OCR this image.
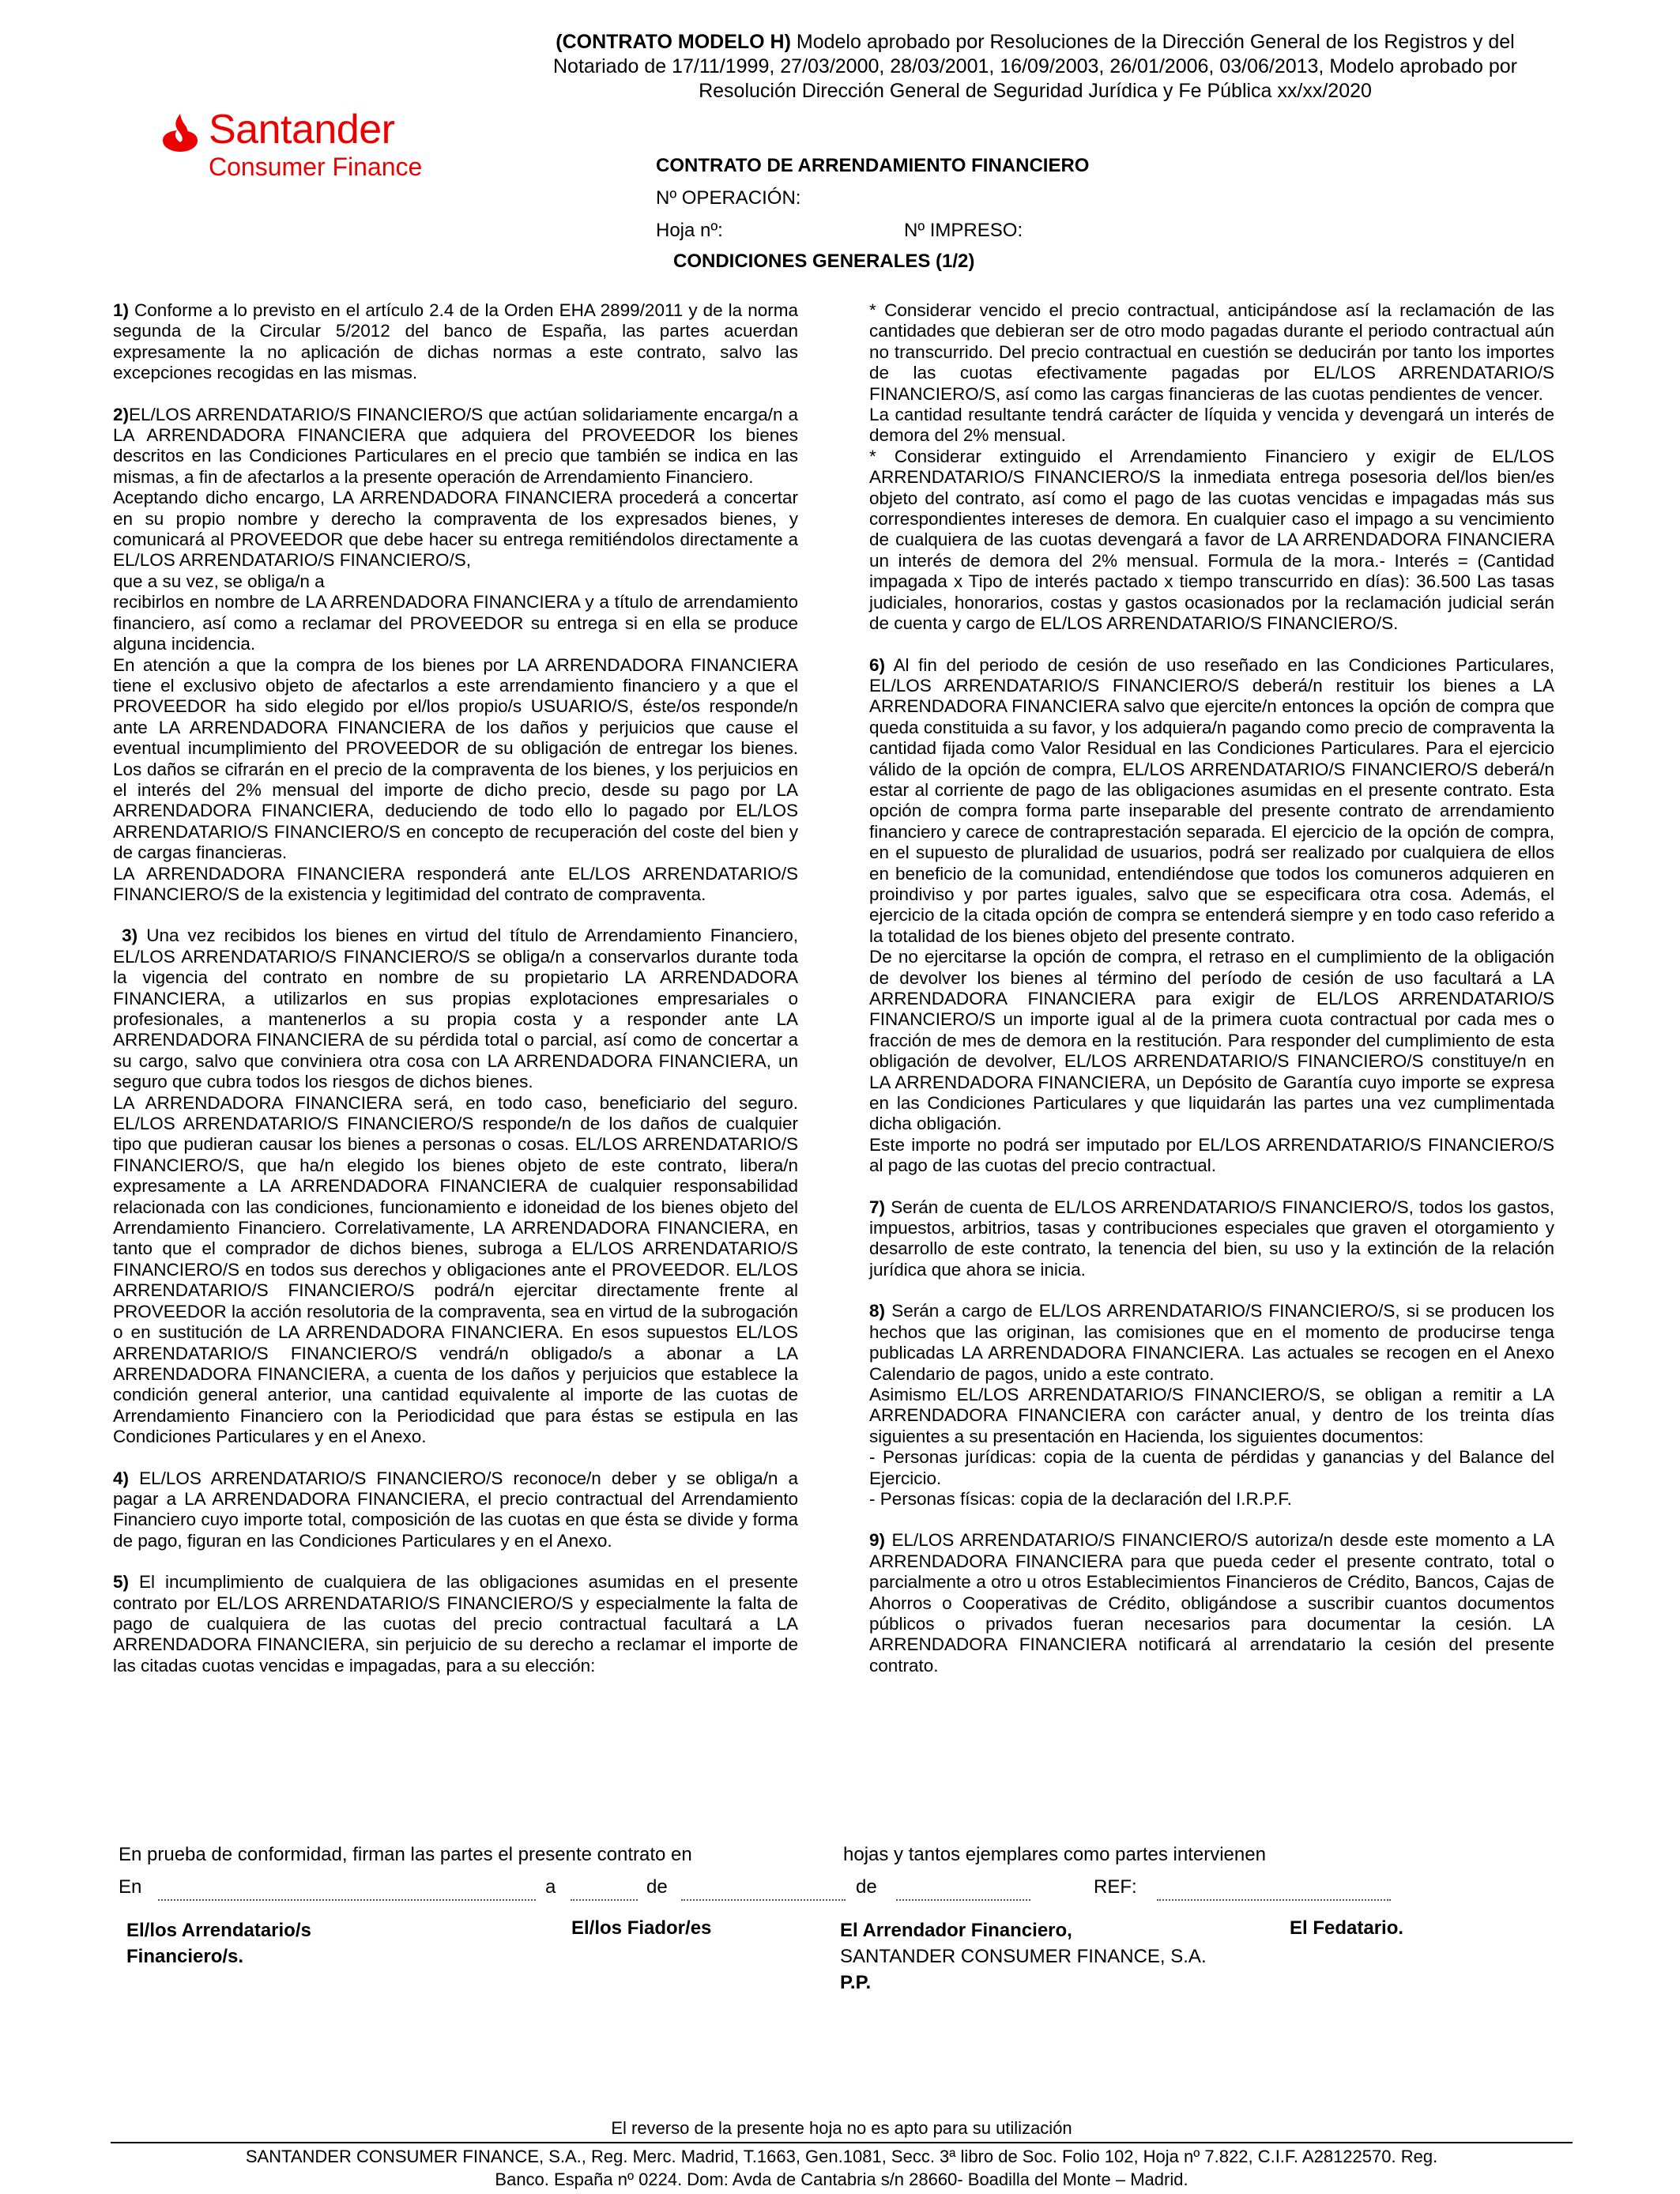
(CONTRATO MODELO H) Modelo aprobado por Resoluciones de la Dirección General de los Registros y del
Notariado de 17/11/1999, 27/03/2000, 28/03/2001, 16/09/2003, 26/01/2006, 03/06/2013, Modelo aprobado por
Resolución Dirección General de Seguridad Jurídica y Fe Pública xx/xx/2020
Santander
Consumer Finance	CONTRATO DE ARRENDAMIENTO FINANCIERO
Nº OPERACIÓN:
Hoja nº:	Nº IMPRESO:
CONDICIONES GENERALES (1/2)

1) Conforme a lo previsto en el artículo 2.4 de la Orden EHA 2899/2011 y de la norma segunda de la Circular 5/2012 del banco de España, las partes acuerdan expresamente la no aplicación de dichas normas a este contrato, salvo las excepciones recogidas en las mismas.

2)EL/LOS ARRENDATARIO/S FINANCIERO/S que actúan solidariamente encarga/n a LA ARRENDADORA FINANCIERA que adquiera del PROVEEDOR los bienes descritos en las Condiciones Particulares en el precio que también se indica en las mismas, a fin de afectarlos a la presente operación de Arrendamiento Financiero.

Aceptando dicho encargo, LA ARRENDADORA FINANCIERA procederá a concertar en su propio nombre y derecho la compraventa de los expresados bienes, y comunicará al PROVEEDOR que debe hacer su entrega remitiéndolos directamente a EL/LOS ARRENDATARIO/S FINANCIERO/S,

que a su vez, se obliga/n a

recibirlos en nombre de LA ARRENDADORA FINANCIERA y a título de arrendamiento financiero, así como a reclamar del PROVEEDOR su entrega si en ella se produce alguna incidencia.

En atención a que la compra de los bienes por LA ARRENDADORA FINANCIERA tiene el exclusivo objeto de afectarlos a este arrendamiento financiero y a que el PROVEEDOR ha sido elegido por el/los propio/s USUARIO/S, éste/os responde/n ante LA ARRENDADORA FINANCIERA de los daños y perjuicios que cause el eventual incumplimiento del PROVEEDOR de su obligación de entregar los bienes. Los daños se cifrarán en el precio de la compraventa de los bienes, y los perjuicios en el interés del 2% mensual del importe de dicho precio, desde su pago por LA ARRENDADORA FINANCIERA, deduciendo de todo ello lo pagado por EL/LOS ARRENDATARIO/S FINANCIERO/S en concepto de recuperación del coste del bien y de cargas financieras.

LA ARRENDADORA FINANCIERA responderá ante EL/LOS ARRENDATARIO/S FINANCIERO/S de la existencia y legitimidad del contrato de compraventa.

3) Una vez recibidos los bienes en virtud del título de Arrendamiento Financiero, EL/LOS ARRENDATARIO/S FINANCIERO/S se obliga/n a conservarlos durante toda la vigencia del contrato en nombre de su propietario LA ARRENDADORA FINANCIERA, a utilizarlos en sus propias explotaciones empresariales o profesionales, a mantenerlos a su propia costa y a responder ante LA ARRENDADORA FINANCIERA de su pérdida total o parcial, así como de concertar a su cargo, salvo que conviniera otra cosa con LA ARRENDADORA FINANCIERA, un seguro que cubra todos los riesgos de dichos bienes.

LA ARRENDADORA FINANCIERA será, en todo caso, beneficiario del seguro. EL/LOS ARRENDATARIO/S FINANCIERO/S responde/n de los daños de cualquier tipo que pudieran causar los bienes a personas o cosas. EL/LOS ARRENDATARIO/S FINANCIERO/S, que ha/n elegido los bienes objeto de este contrato, libera/n expresamente a LA ARRENDADORA FINANCIERA de cualquier responsabilidad relacionada con las condiciones, funcionamiento e idoneidad de los bienes objeto del Arrendamiento Financiero. Correlativamente, LA ARRENDADORA FINANCIERA, en tanto que el comprador de dichos bienes, subroga a EL/LOS ARRENDATARIO/S FINANCIERO/S en todos sus derechos y obligaciones ante el PROVEEDOR. EL/LOS ARRENDATARIO/S FINANCIERO/S podrá/n ejercitar directamente frente al PROVEEDOR la acción resolutoria de la compraventa, sea en virtud de la subrogación o en sustitución de LA ARRENDADORA FINANCIERA. En esos supuestos EL/LOS ARRENDATARIO/S FINANCIERO/S vendrá/n obligado/s a abonar a LA ARRENDADORA FINANCIERA, a cuenta de los daños y perjuicios que establece la condición general anterior, una cantidad equivalente al importe de las cuotas de Arrendamiento Financiero con la Periodicidad que para éstas se estipula en las Condiciones Particulares y en el Anexo.

4) EL/LOS ARRENDATARIO/S FINANCIERO/S reconoce/n deber y se obliga/n a pagar a LA ARRENDADORA FINANCIERA, el precio contractual del Arrendamiento Financiero cuyo importe total, composición de las cuotas en que ésta se divide y forma de pago, figuran en las Condiciones Particulares y en el Anexo.

5) El incumplimiento de cualquiera de las obligaciones asumidas en el presente contrato por EL/LOS ARRENDATARIO/S FINANCIERO/S y especialmente la falta de pago de cualquiera de las cuotas del precio contractual facultará a LA ARRENDADORA FINANCIERA, sin perjuicio de su derecho a reclamar el importe de las citadas cuotas vencidas e impagadas, para a su elección:

* Considerar vencido el precio contractual, anticipándose así la reclamación de las cantidades que debieran ser de otro modo pagadas durante el periodo contractual aún no transcurrido. Del precio contractual en cuestión se deducirán por tanto los importes de las cuotas efectivamente pagadas por EL/LOS ARRENDATARIO/S FINANCIERO/S, así como las cargas financieras de las cuotas pendientes de vencer.

La cantidad resultante tendrá carácter de líquida y vencida y devengará un interés de demora del 2% mensual.

* Considerar extinguido el Arrendamiento Financiero y exigir de EL/LOS ARRENDATARIO/S FINANCIERO/S la inmediata entrega posesoria del/los bien/es objeto del contrato, así como el pago de las cuotas vencidas e impagadas más sus correspondientes intereses de demora. En cualquier caso el impago a su vencimiento de cualquiera de las cuotas devengará a favor de LA ARRENDADORA FINANCIERA un interés de demora del 2% mensual. Formula de la mora.- Interés = (Cantidad impagada x Tipo de interés pactado x tiempo transcurrido en días): 36.500 Las tasas judiciales, honorarios, costas y gastos ocasionados por la reclamación judicial serán de cuenta y cargo de EL/LOS ARRENDATARIO/S FINANCIERO/S.

6) Al fin del periodo de cesión de uso reseñado en las Condiciones Particulares, EL/LOS ARRENDATARIO/S FINANCIERO/S deberá/n restituir los bienes a LA ARRENDADORA FINANCIERA salvo que ejercite/n entonces la opción de compra que queda constituida a su favor, y los adquiera/n pagando como precio de compraventa la cantidad fijada como Valor Residual en las Condiciones Particulares. Para el ejercicio válido de la opción de compra, EL/LOS ARRENDATARIO/S FINANCIERO/S deberá/n estar al corriente de pago de las obligaciones asumidas en el presente contrato. Esta opción de compra forma parte inseparable del presente contrato de arrendamiento financiero y carece de contraprestación separada. El ejercicio de la opción de compra, en el supuesto de pluralidad de usuarios, podrá ser realizado por cualquiera de ellos en beneficio de la comunidad, entendiéndose que todos los comuneros adquieren en proindiviso y por partes iguales, salvo que se especificara otra cosa. Además, el ejercicio de la citada opción de compra se entenderá siempre y en todo caso referido a la totalidad de los bienes objeto del presente contrato.

De no ejercitarse la opción de compra, el retraso en el cumplimiento de la obligación de devolver los bienes al término del período de cesión de uso facultará a LA ARRENDADORA FINANCIERA para exigir de EL/LOS ARRENDATARIO/S FINANCIERO/S un importe igual al de la primera cuota contractual por cada mes o fracción de mes de demora en la restitución. Para responder del cumplimiento de esta obligación de devolver, EL/LOS ARRENDATARIO/S FINANCIERO/S constituye/n en LA ARRENDADORA FINANCIERA, un Depósito de Garantía cuyo importe se expresa en las Condiciones Particulares y que liquidarán las partes una vez cumplimentada dicha obligación.

Este importe no podrá ser imputado por EL/LOS ARRENDATARIO/S FINANCIERO/S al pago de las cuotas del precio contractual.

7) Serán de cuenta de EL/LOS ARRENDATARIO/S FINANCIERO/S, todos los gastos, impuestos, arbitrios, tasas y contribuciones especiales que graven el otorgamiento y desarrollo de este contrato, la tenencia del bien, su uso y la extinción de la relación jurídica que ahora se inicia.

8) Serán a cargo de EL/LOS ARRENDATARIO/S FINANCIERO/S, si se producen los hechos que las originan, las comisiones que en el momento de producirse tenga publicadas LA ARRENDADORA FINANCIERA. Las actuales se recogen en el Anexo Calendario de pagos, unido a este contrato.

Asimismo EL/LOS ARRENDATARIO/S FINANCIERO/S, se obligan a remitir a LA ARRENDADORA FINANCIERA con carácter anual, y dentro de los treinta días siguientes a su presentación en Hacienda, los siguientes documentos:

- Personas jurídicas: copia de la cuenta de pérdidas y ganancias y del Balance del Ejercicio.

- Personas físicas: copia de la declaración del I.R.P.F.

9) EL/LOS ARRENDATARIO/S FINANCIERO/S autoriza/n desde este momento a LA ARRENDADORA FINANCIERA para que pueda ceder el presente contrato, total o parcialmente a otro u otros Establecimientos Financieros de Crédito, Bancos, Cajas de Ahorros o Cooperativas de Crédito, obligándose a suscribir cuantos documentos públicos o privados fueran necesarios para documentar la cesión. LA ARRENDADORA FINANCIERA notificará al arrendatario la cesión del presente contrato.

En prueba de conformidad, firman las partes el presente contrato en	hojas y tantos ejemplares como partes intervienen
En	a	de	de	REF:
El/los Arrendatario/s
Financiero/s.
El/los Fiador/es	El Arrendador Financiero,
SANTANDER CONSUMER FINANCE, S.A.
P.P.
El Fedatario.
El reverso de la presente hoja no es apto para su utilización
SANTANDER CONSUMER FINANCE, S.A., Reg. Merc. Madrid, T.1663, Gen.1081, Secc. 3ª libro de Soc. Folio 102, Hoja nº 7.822, C.I.F. A28122570. Reg.
Banco. España nº 0224. Dom: Avda de Cantabria s/n 28660- Boadilla del Monte – Madrid.
